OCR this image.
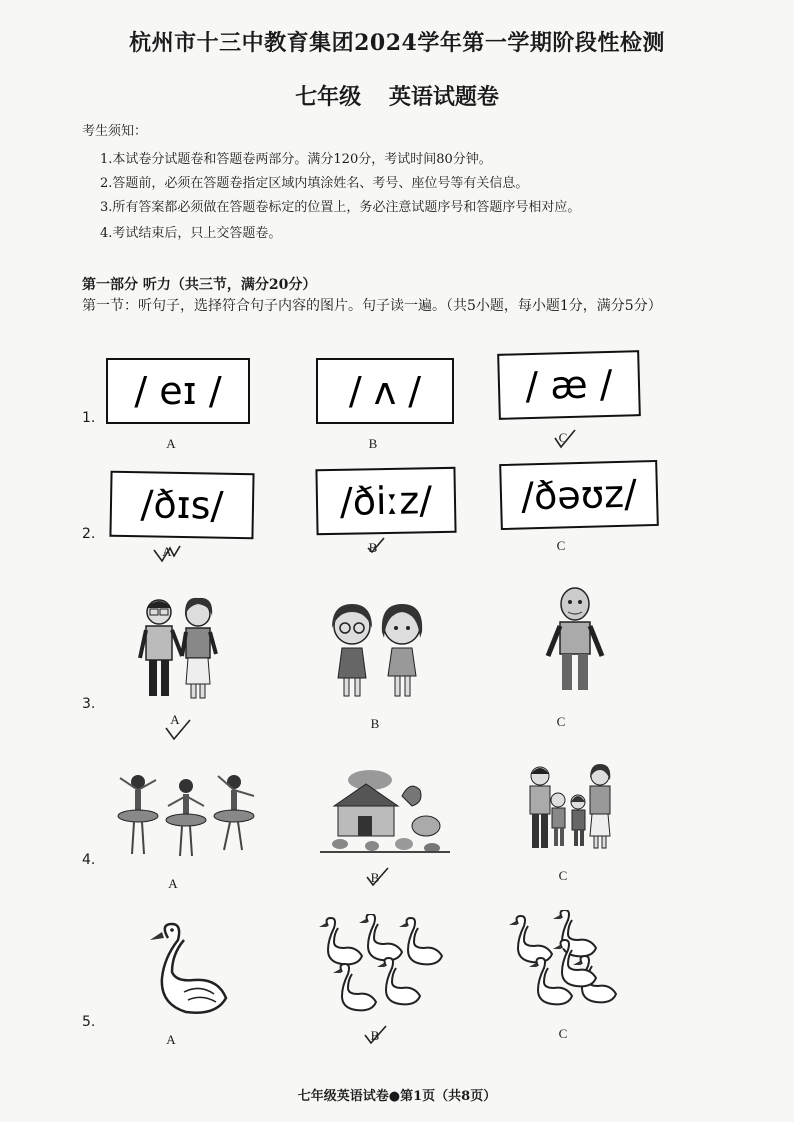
杭州市十三中教育集团2024学年第一学期阶段性检测
七年级 英语试题卷
考生须知：
1.本试卷分试题卷和答题卷两部分。满分120分，考试时间80分钟。
2.答题前，必须在答题卷指定区域内填涂姓名、考号、座位号等有关信息。
3.所有答案都必须做在答题卷标定的位置上，务必注意试题序号和答题序号相对应。
4.考试结束后，只上交答题卷。
第一部分 听力（共三节，满分20分）
第一节：听句子，选择符合句子内容的图片。句子读一遍。（共5小题，每小题1分，满分5分）
1.
/ eɪ /	/ ʌ /	/ æ /
A	B	C
2.
/ðɪs/	/ðiːz/	/ðəʊz/
A	B	C
3.
A	B	C
4.
A	B	C
5.
A	B	C
七年级英语试卷●第1页（共8页）
